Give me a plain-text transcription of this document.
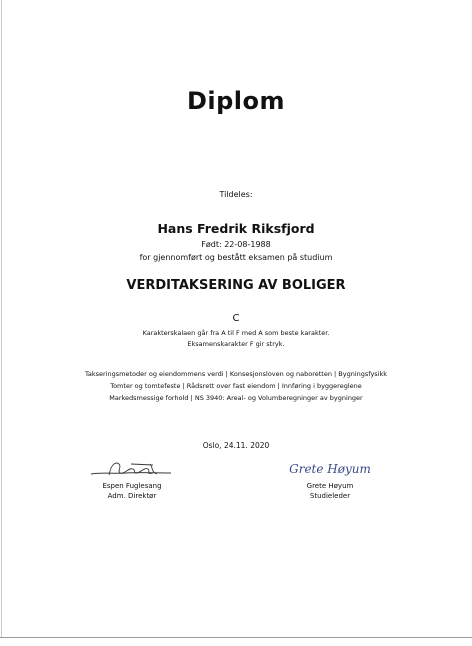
Diplom
Tildeles:
Hans Fredrik Riksfjord
Født: 22-08-1988
for gjennomført og bestått eksamen på studium
VERDITAKSERING AV BOLIGER
C
Karakterskalaen går fra A til F med A som beste karakter.
Eksamenskarakter F gir stryk.
Takseringsmetoder og eiendommens verdi | Konsesjonsloven og naboretten | Bygningsfysikk
Tomter og tomtefeste | Rådsrett over fast eiendom | Innføring i byggereglene
Markedsmessige forhold | NS 3940: Areal- og Volumberegninger av bygninger
Oslo, 24.11. 2020
Espen Fuglesang
Adm. Direktør
Grete Høyum
Grete Høyum
Studieleder
